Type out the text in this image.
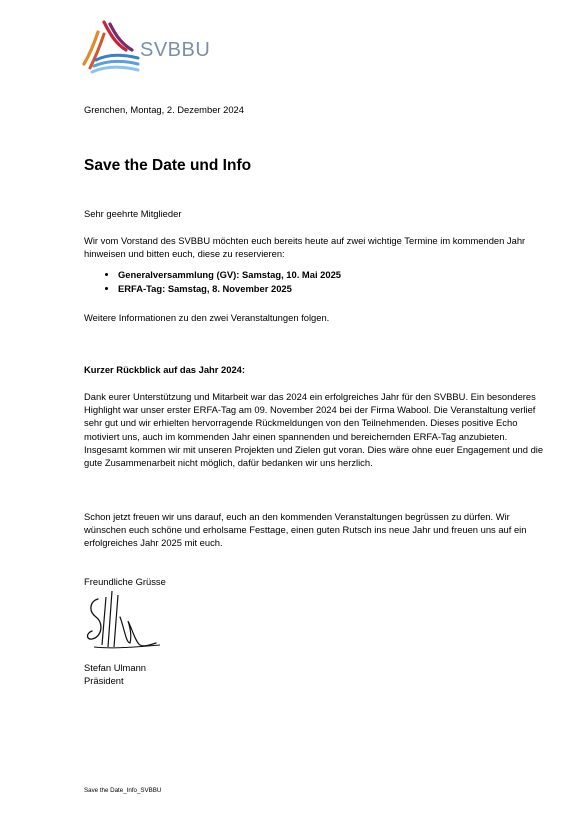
SVBBU
Grenchen, Montag, 2. Dezember 2024
Save the Date und Info
Sehr geehrte Mitglieder
Wir vom Vorstand des SVBBU möchten euch bereits heute auf zwei wichtige Termine im kommenden Jahr hinweisen und bitten euch, diese zu reservieren:
• Generalversammlung (GV): Samstag, 10. Mai 2025
• ERFA-Tag: Samstag, 8. November 2025
Weitere Informationen zu den zwei Veranstaltungen folgen.
Kurzer Rückblick auf das Jahr 2024:
Dank eurer Unterstützung und Mitarbeit war das 2024 ein erfolgreiches Jahr für den SVBBU. Ein besonderes Highlight war unser erster ERFA-Tag am 09. November 2024 bei der Firma Wabool. Die Veranstaltung verlief sehr gut und wir erhielten hervorragende Rückmeldungen von den Teilnehmenden. Dieses positive Echo motiviert uns, auch im kommenden Jahr einen spannenden und bereichernden ERFA-Tag anzubieten.
Insgesamt kommen wir mit unseren Projekten und Zielen gut voran. Dies wäre ohne euer Engagement und die gute Zusammenarbeit nicht möglich, dafür bedanken wir uns herzlich.
Schon jetzt freuen wir uns darauf, euch an den kommenden Veranstaltungen begrüssen zu dürfen. Wir wünschen euch schöne und erholsame Festtage, einen guten Rutsch ins neue Jahr und freuen uns auf ein erfolgreiches Jahr 2025 mit euch.
Freundliche Grüsse
Stefan Ulmann
Präsident
Save the Date_Info_SVBBU
